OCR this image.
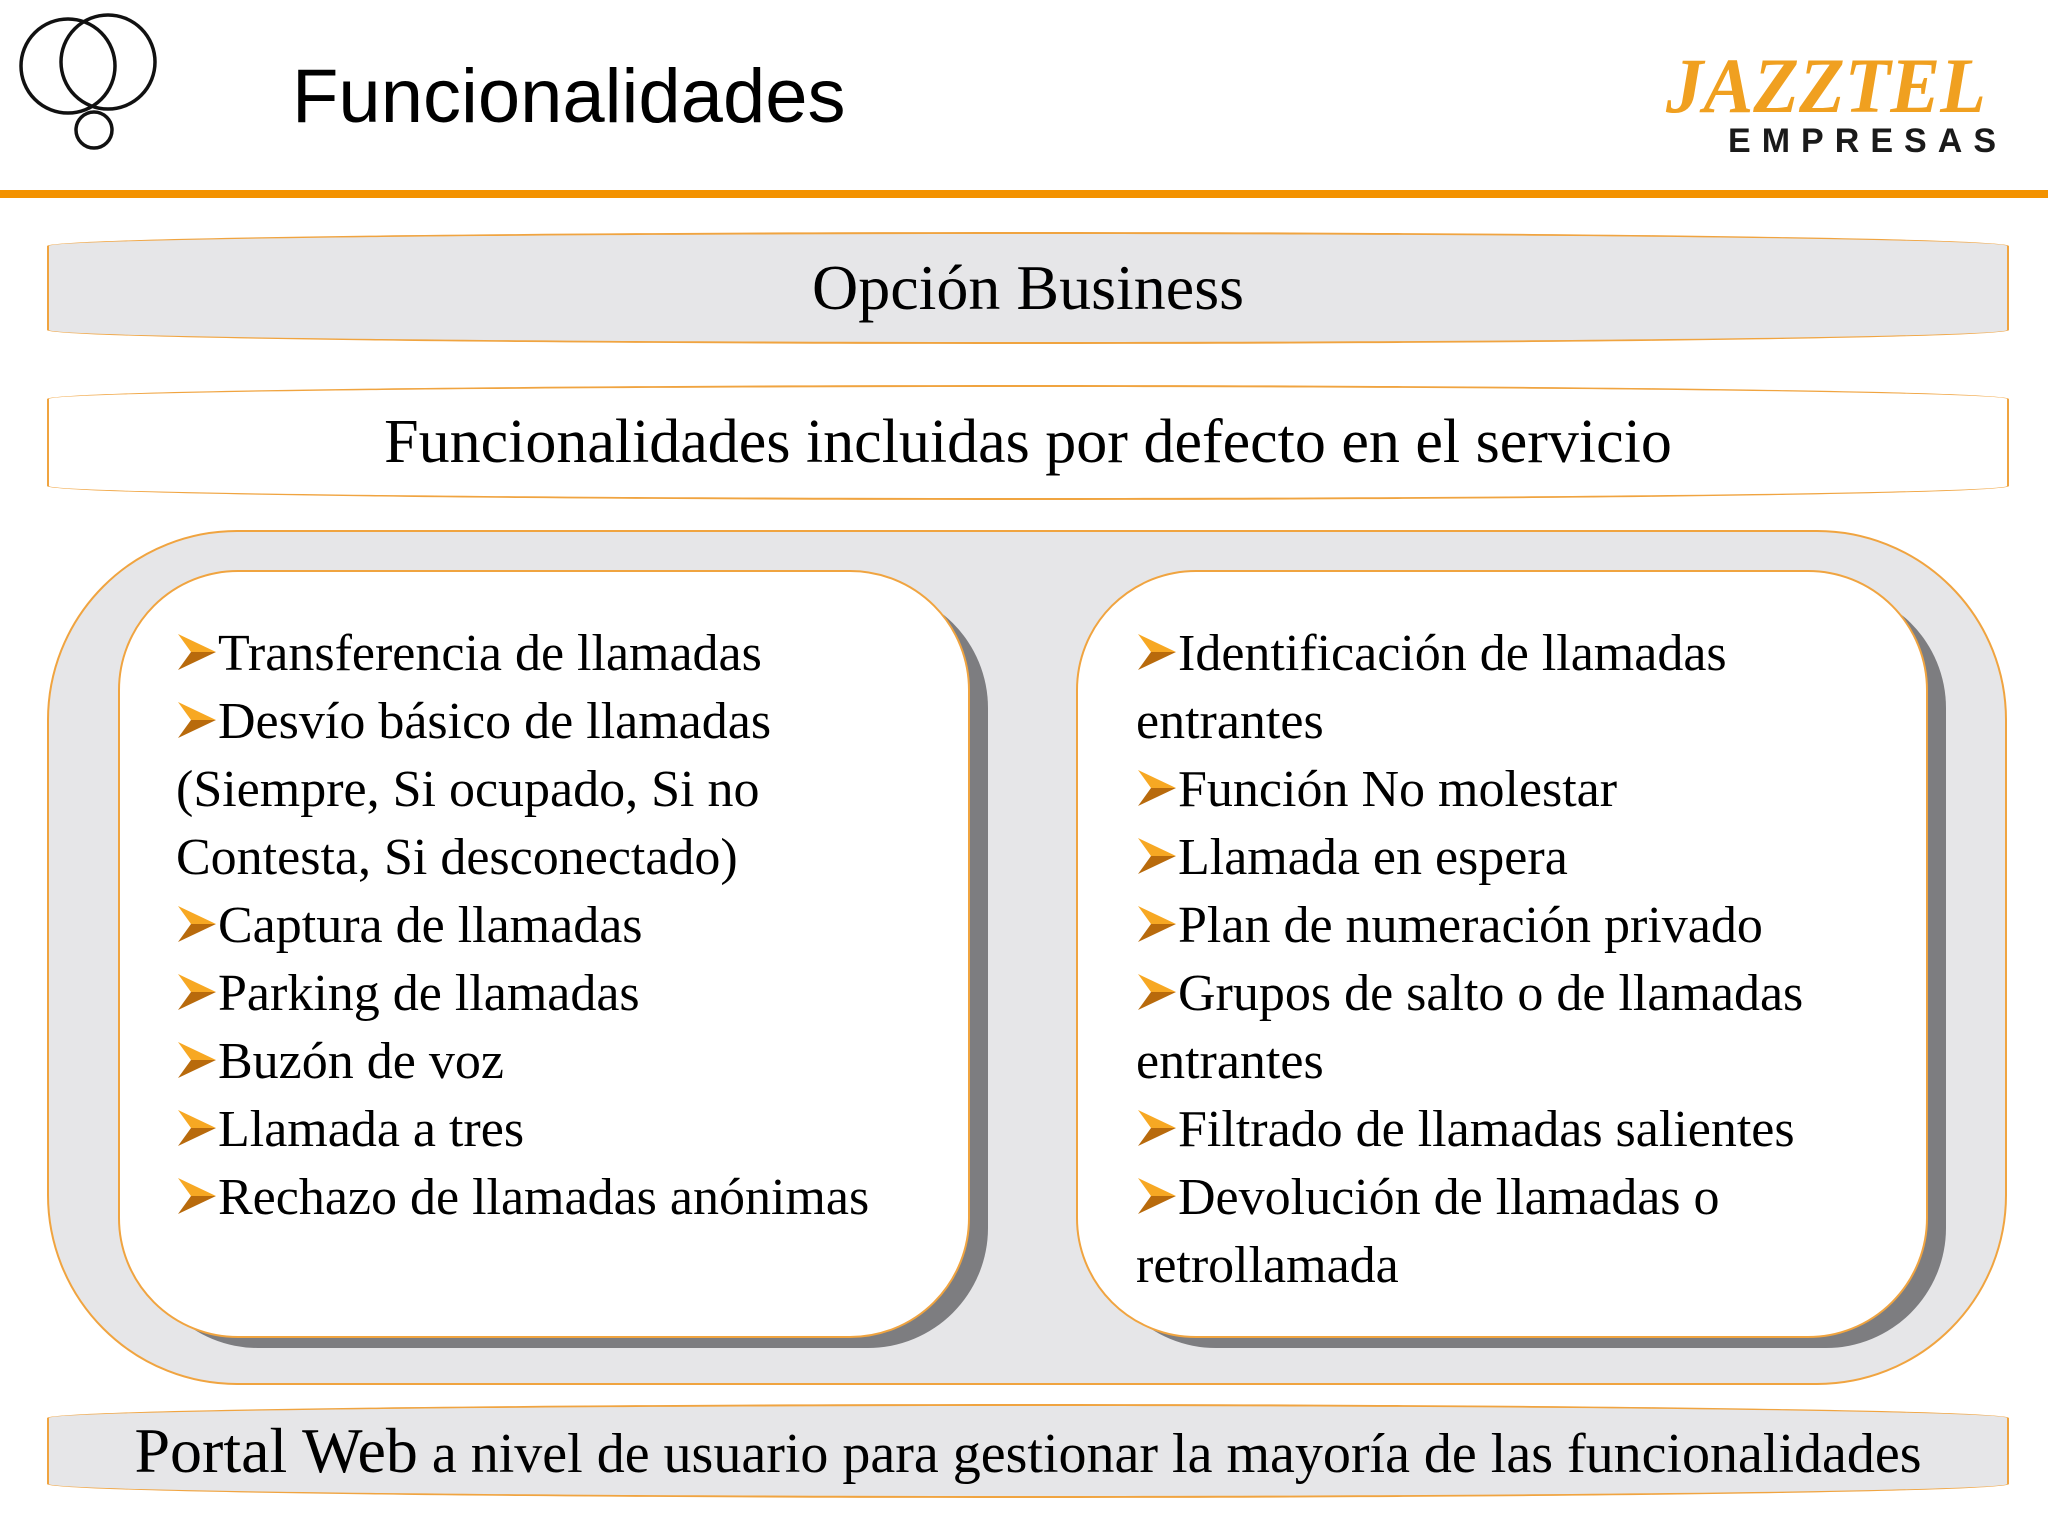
Funcionalidades	JAZZTEL
EMPRESAS
Opción Business
Funcionalidades incluidas por defecto en el servicio
Transferencia de llamadas
Desvío básico de llamadas (Siempre, Si ocupado, Si no Contesta, Si desconectado)
Captura de llamadas
Parking de llamadas
Buzón de voz
Llamada a tres
Rechazo de llamadas anónimas
Identificación de llamadas entrantes
Función No molestar
Llamada en espera
Plan de numeración privado
Grupos de salto o de llamadas entrantes
Filtrado de llamadas salientes
Devolución de llamadas o retrollamada
Portal Web a nivel de usuario para gestionar la mayoría de las funcionalidades
